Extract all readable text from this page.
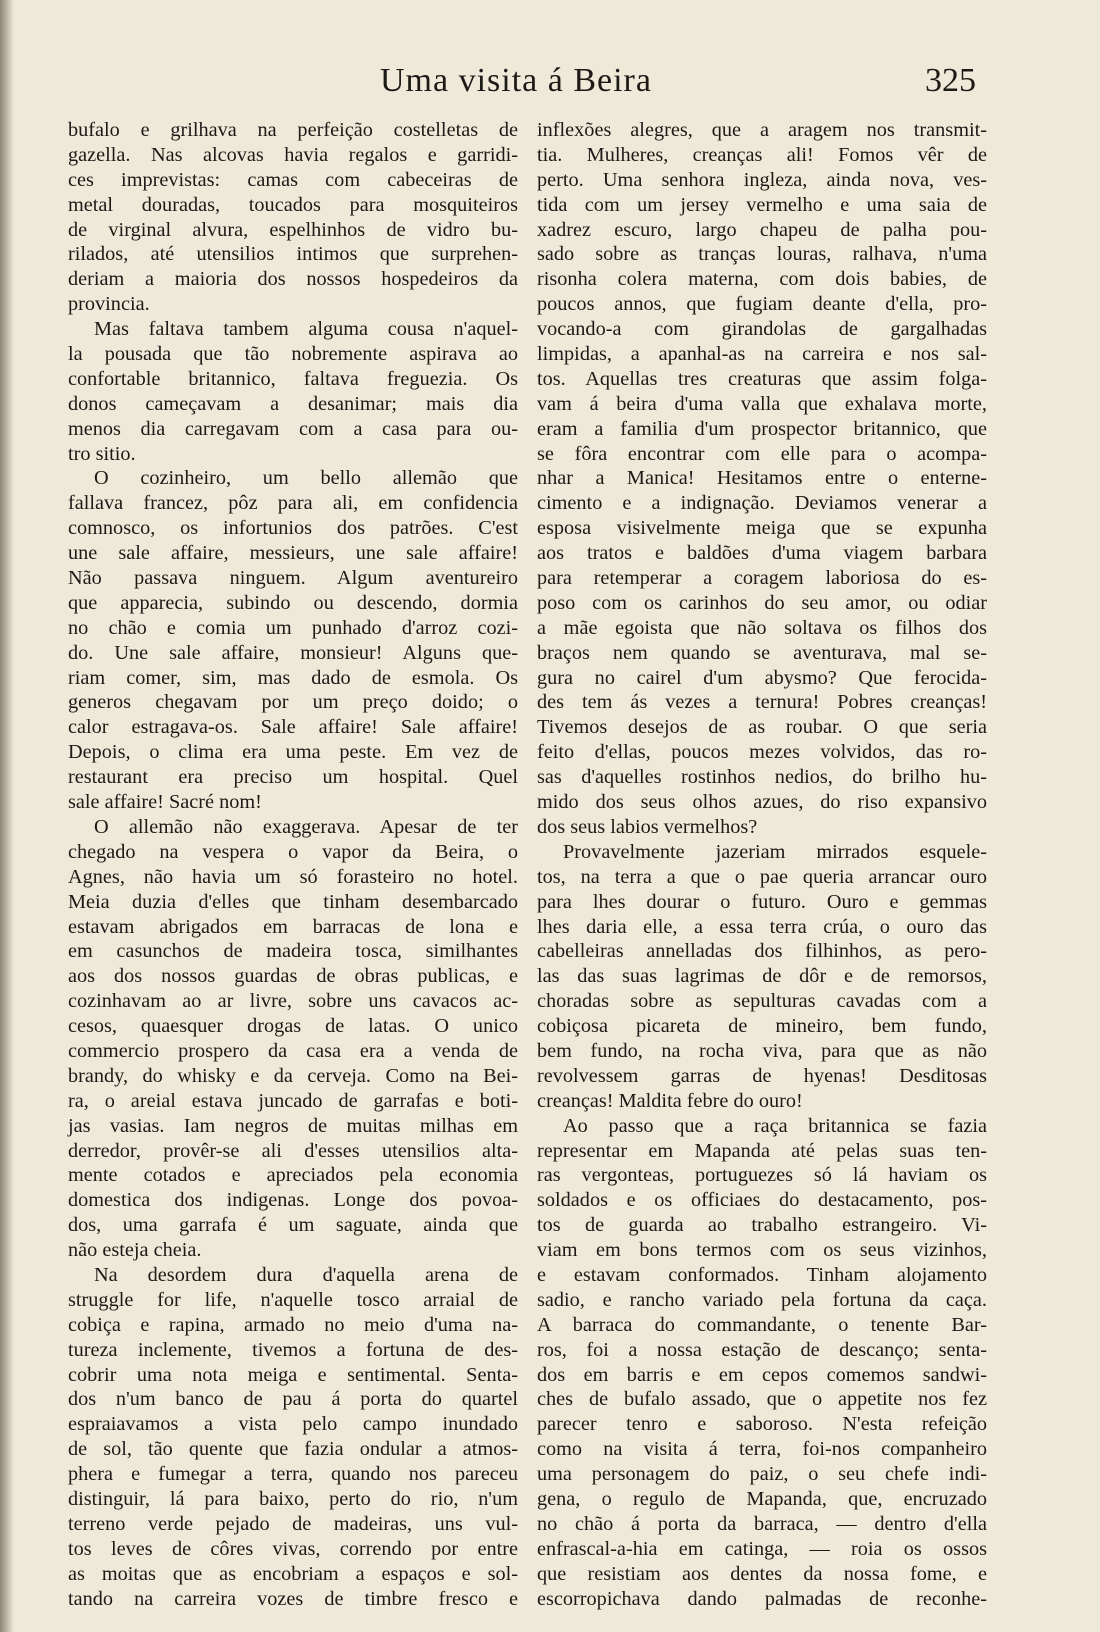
Uma visita á Beira	325
bufalo e grilhava na perfeição costelletas de
gazella. Nas alcovas havia regalos e garridi-
ces imprevistas: camas com cabeceiras de
metal douradas, toucados para mosquiteiros
de virginal alvura, espelhinhos de vidro bu-
rilados, até utensilios intimos que surprehen-
deriam a maioria dos nossos hospedeiros da
provincia.
Mas faltava tambem alguma cousa n'aquel-
la pousada que tão nobremente aspirava ao
confortable britannico, faltava freguezia. Os
donos cameçavam a desanimar; mais dia
menos dia carregavam com a casa para ou-
tro sitio.
O cozinheiro, um bello allemão que
fallava francez, pôz para ali, em confidencia
comnosco, os infortunios dos patrões. C'est
une sale affaire, messieurs, une sale affaire!
Não passava ninguem. Algum aventureiro
que apparecia, subindo ou descendo, dormia
no chão e comia um punhado d'arroz cozi-
do. Une sale affaire, monsieur! Alguns que-
riam comer, sim, mas dado de esmola. Os
generos chegavam por um preço doido; o
calor estragava-os. Sale affaire! Sale affaire!
Depois, o clima era uma peste. Em vez de
restaurant era preciso um hospital. Quel
sale affaire! Sacré nom!
O allemão não exaggerava. Apesar de ter
chegado na vespera o vapor da Beira, o
Agnes, não havia um só forasteiro no hotel.
Meia duzia d'elles que tinham desembarcado
estavam abrigados em barracas de lona e
em casunchos de madeira tosca, similhantes
aos dos nossos guardas de obras publicas, e
cozinhavam ao ar livre, sobre uns cavacos ac-
cesos, quaesquer drogas de latas. O unico
commercio prospero da casa era a venda de
brandy, do whisky e da cerveja. Como na Bei-
ra, o areial estava juncado de garrafas e boti-
jas vasias. Iam negros de muitas milhas em
derredor, provêr-se ali d'esses utensilios alta-
mente cotados e apreciados pela economia
domestica dos indigenas. Longe dos povoa-
dos, uma garrafa é um saguate, ainda que
não esteja cheia.
Na desordem dura d'aquella arena de
struggle for life, n'aquelle tosco arraial de
cobiça e rapina, armado no meio d'uma na-
tureza inclemente, tivemos a fortuna de des-
cobrir uma nota meiga e sentimental. Senta-
dos n'um banco de pau á porta do quartel
espraiavamos a vista pelo campo inundado
de sol, tão quente que fazia ondular a atmos-
phera e fumegar a terra, quando nos pareceu
distinguir, lá para baixo, perto do rio, n'um
terreno verde pejado de madeiras, uns vul-
tos leves de côres vivas, correndo por entre
as moitas que as encobriam a espaços e sol-
tando na carreira vozes de timbre fresco e
inflexões alegres, que a aragem nos transmit-
tia. Mulheres, creanças ali! Fomos vêr de
perto. Uma senhora ingleza, ainda nova, ves-
tida com um jersey vermelho e uma saia de
xadrez escuro, largo chapeu de palha pou-
sado sobre as tranças louras, ralhava, n'uma
risonha colera materna, com dois babies, de
poucos annos, que fugiam deante d'ella, pro-
vocando-a com girandolas de gargalhadas
limpidas, a apanhal-as na carreira e nos sal-
tos. Aquellas tres creaturas que assim folga-
vam á beira d'uma valla que exhalava morte,
eram a familia d'um prospector britannico, que
se fôra encontrar com elle para o acompa-
nhar a Manica! Hesitamos entre o enterne-
cimento e a indignação. Deviamos venerar a
esposa visivelmente meiga que se expunha
aos tratos e baldões d'uma viagem barbara
para retemperar a coragem laboriosa do es-
poso com os carinhos do seu amor, ou odiar
a mãe egoista que não soltava os filhos dos
braços nem quando se aventurava, mal se-
gura no cairel d'um abysmo? Que ferocida-
des tem ás vezes a ternura! Pobres creanças!
Tivemos desejos de as roubar. O que seria
feito d'ellas, poucos mezes volvidos, das ro-
sas d'aquelles rostinhos nedios, do brilho hu-
mido dos seus olhos azues, do riso expansivo
dos seus labios vermelhos?
Provavelmente jazeriam mirrados esquele-
tos, na terra a que o pae queria arrancar ouro
para lhes dourar o futuro. Ouro e gemmas
lhes daria elle, a essa terra crúa, o ouro das
cabelleiras annelladas dos filhinhos, as pero-
las das suas lagrimas de dôr e de remorsos,
choradas sobre as sepulturas cavadas com a
cobiçosa picareta de mineiro, bem fundo,
bem fundo, na rocha viva, para que as não
revolvessem garras de hyenas! Desditosas
creanças! Maldita febre do ouro!
Ao passo que a raça britannica se fazia
representar em Mapanda até pelas suas ten-
ras vergonteas, portuguezes só lá haviam os
soldados e os officiaes do destacamento, pos-
tos de guarda ao trabalho estrangeiro. Vi-
viam em bons termos com os seus vizinhos,
e estavam conformados. Tinham alojamento
sadio, e rancho variado pela fortuna da caça.
A barraca do commandante, o tenente Bar-
ros, foi a nossa estação de descanço; senta-
dos em barris e em cepos comemos sandwi-
ches de bufalo assado, que o appetite nos fez
parecer tenro e saboroso. N'esta refeição
como na visita á terra, foi-nos companheiro
uma personagem do paiz, o seu chefe indi-
gena, o regulo de Mapanda, que, encruzado
no chão á porta da barraca, — dentro d'ella
enfrascal-a-hia em catinga, — roia os ossos
que resistiam aos dentes da nossa fome, e
escorropichava dando palmadas de reconhe-
